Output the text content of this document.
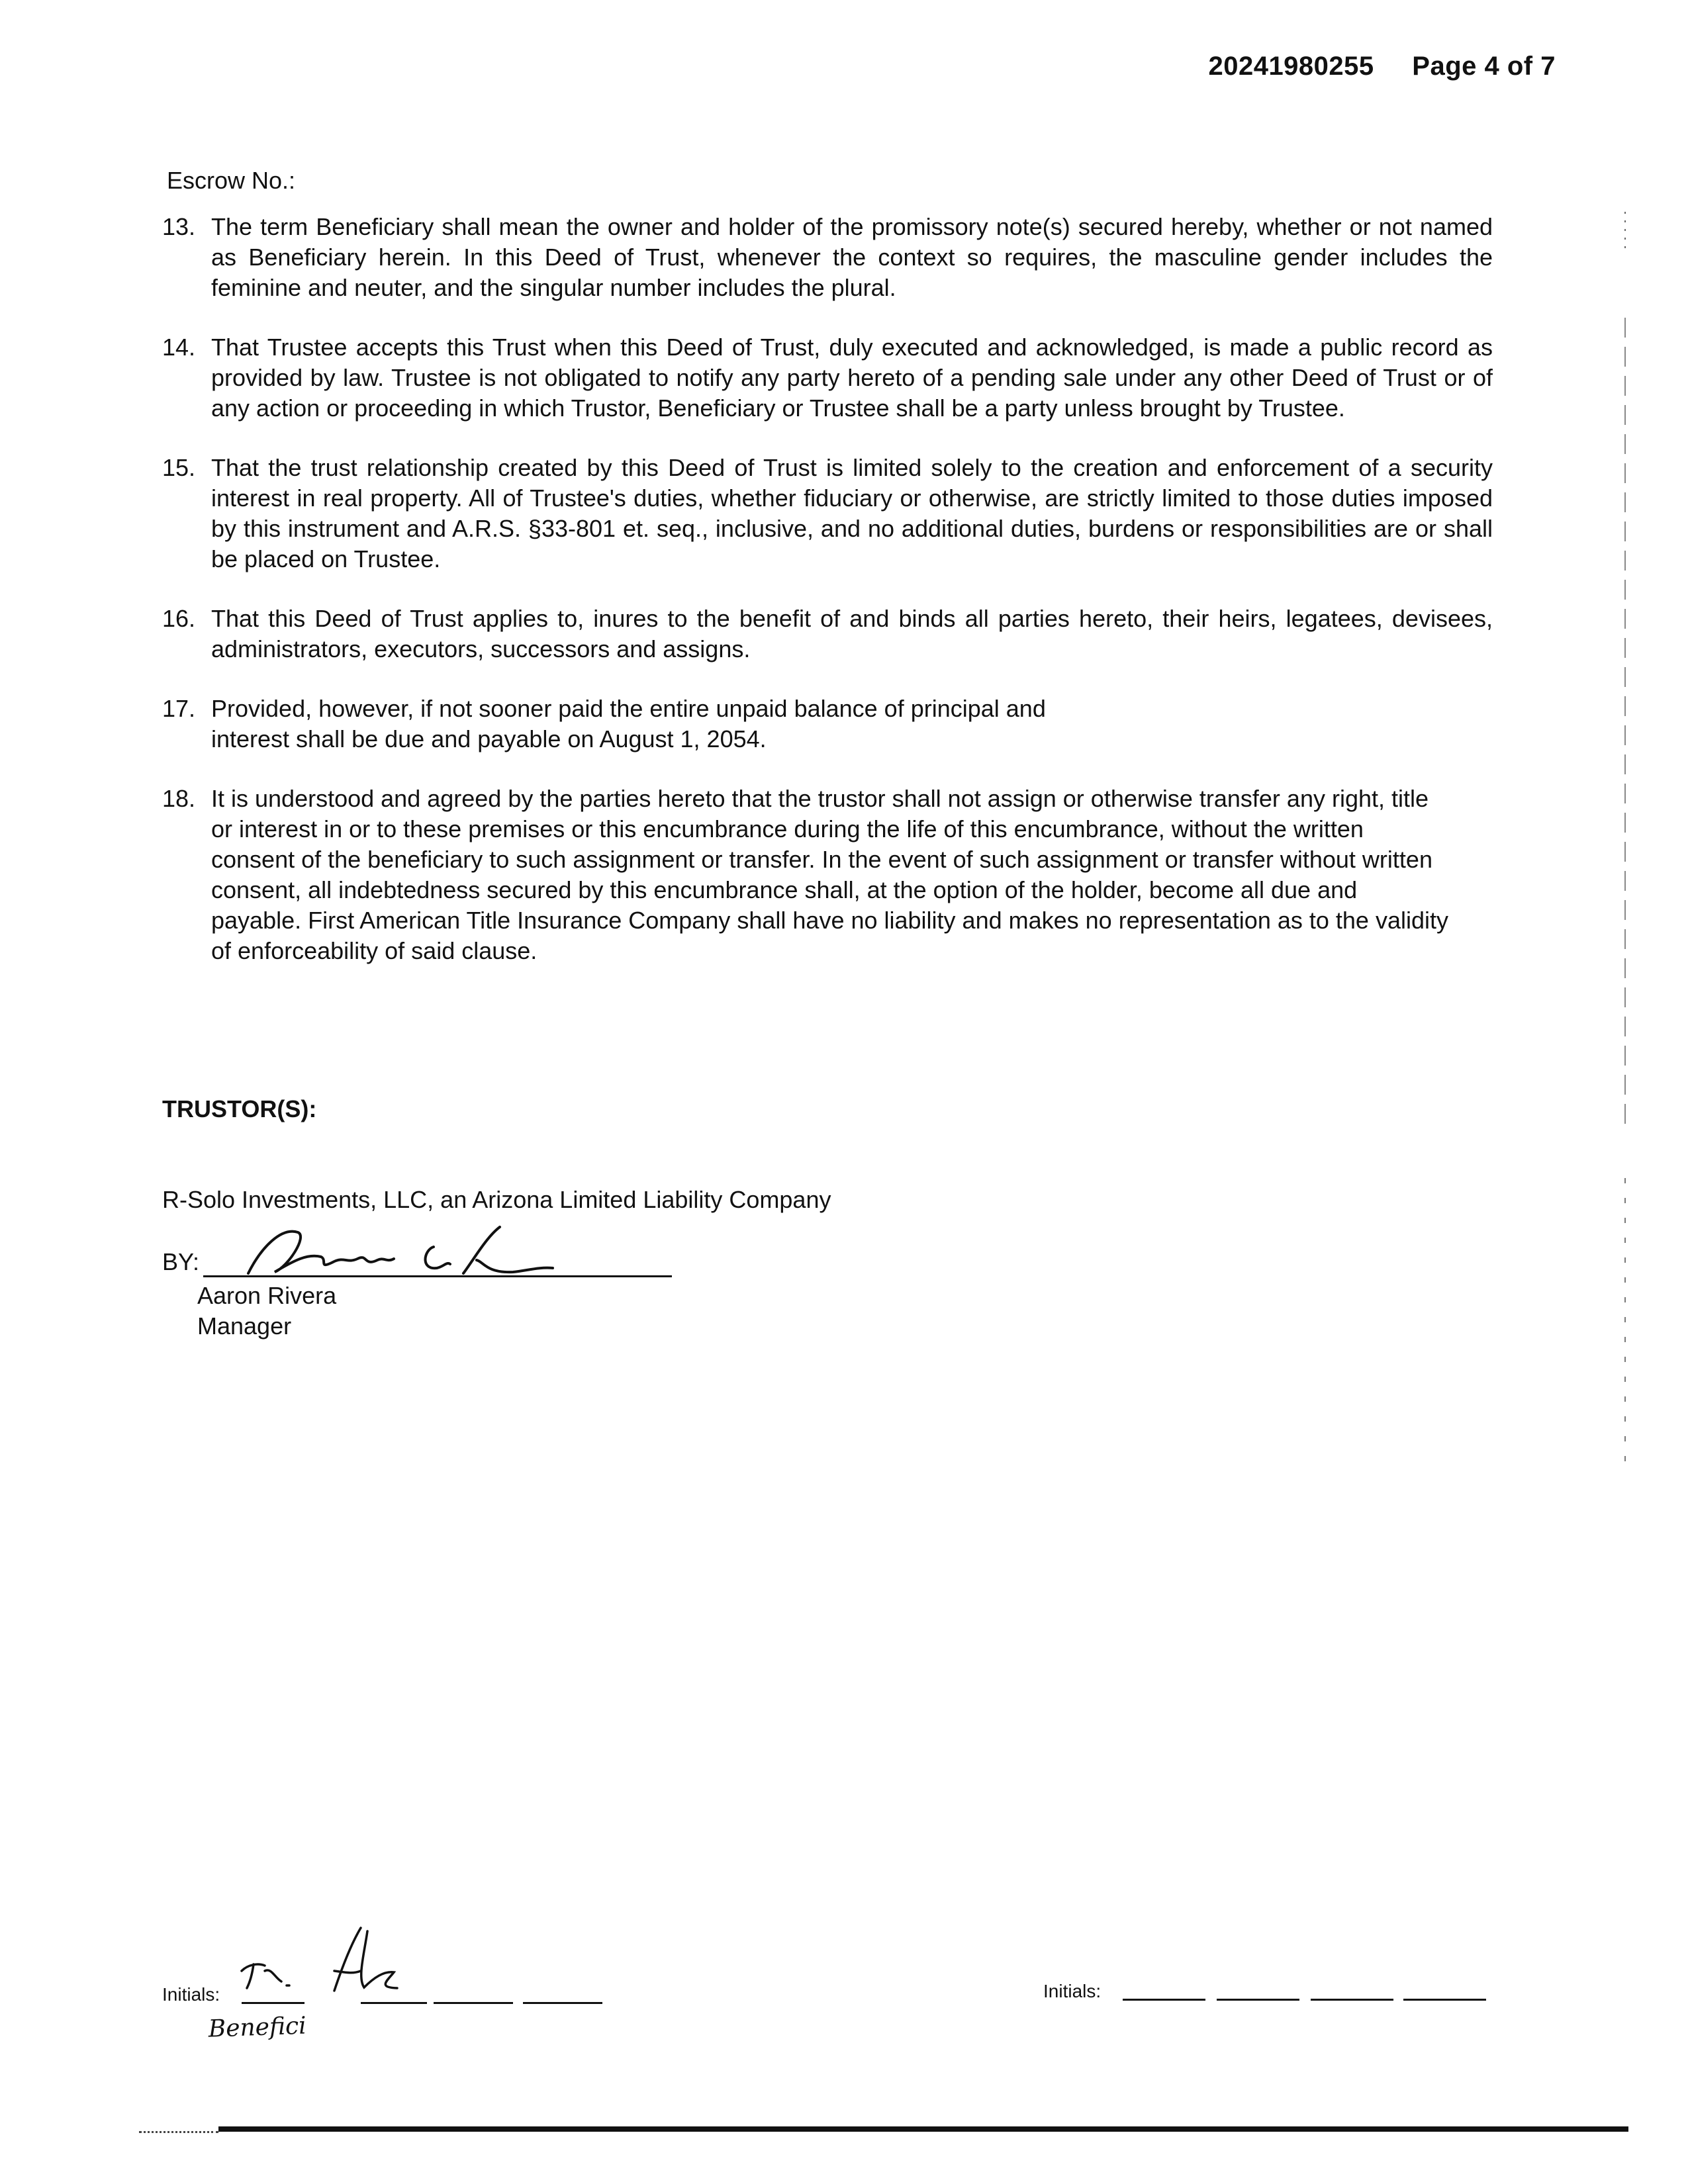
20241980255 Page 4 of 7
Escrow No.:
13. The term Beneficiary shall mean the owner and holder of the promissory note(s) secured hereby, whether or not named as Beneficiary herein. In this Deed of Trust, whenever the context so requires, the masculine gender includes the feminine and neuter, and the singular number includes the plural.
14. That Trustee accepts this Trust when this Deed of Trust, duly executed and acknowledged, is made a public record as provided by law. Trustee is not obligated to notify any party hereto of a pending sale under any other Deed of Trust or of any action or proceeding in which Trustor, Beneficiary or Trustee shall be a party unless brought by Trustee.
15. That the trust relationship created by this Deed of Trust is limited solely to the creation and enforcement of a security interest in real property. All of Trustee's duties, whether fiduciary or otherwise, are strictly limited to those duties imposed by this instrument and A.R.S. §33-801 et. seq., inclusive, and no additional duties, burdens or responsibilities are or shall be placed on Trustee.
16. That this Deed of Trust applies to, inures to the benefit of and binds all parties hereto, their heirs, legatees, devisees, administrators, executors, successors and assigns.
17. Provided, however, if not sooner paid the entire unpaid balance of principal and interest shall be due and payable on August 1, 2054.
18. It is understood and agreed by the parties hereto that the trustor shall not assign or otherwise transfer any right, title or interest in or to these premises or this encumbrance during the life of this encumbrance, without the written consent of the beneficiary to such assignment or transfer. In the event of such assignment or transfer without written consent, all indebtedness secured by this encumbrance shall, at the option of the holder, become all due and payable. First American Title Insurance Company shall have no liability and makes no representation as to the validity of enforceability of said clause.
TRUSTOR(S):
R-Solo Investments, LLC, an Arizona Limited Liability Company
BY:
Aaron Rivera
Manager
Initials:
Benefici
Initials:
